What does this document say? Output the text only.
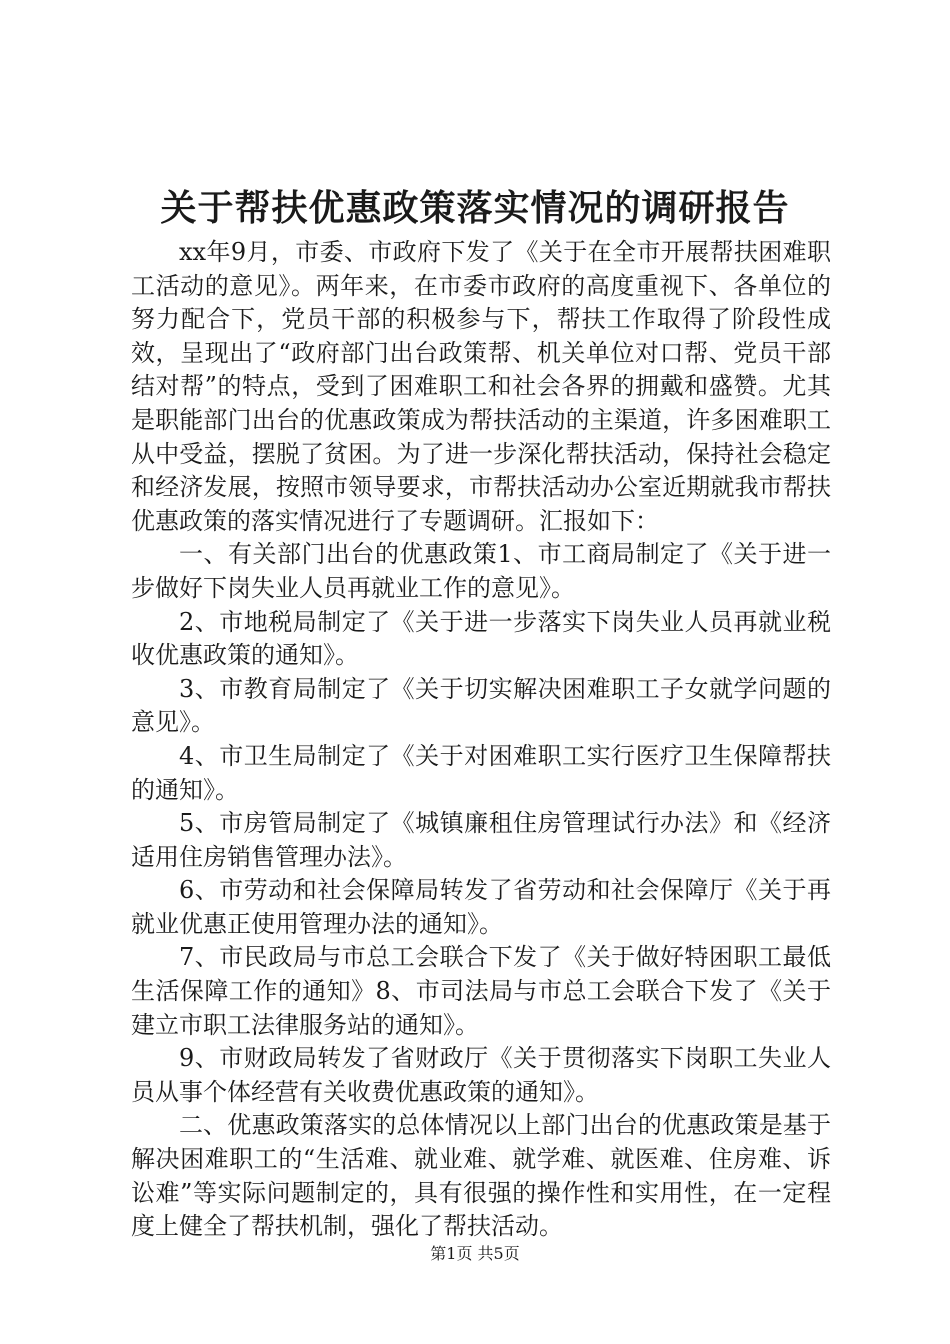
关于帮扶优惠政策落实情况的调研报告

xx年9月，市委、市政府下发了《关于在全市开展帮扶困难职工活动的意见》。两年来，在市委市政府的高度重视下、各单位的努力配合下，党员干部的积极参与下，帮扶工作取得了阶段性成效，呈现出了“政府部门出台政策帮、机关单位对口帮、党员干部结对帮”的特点，受到了困难职工和社会各界的拥戴和盛赞。尤其是职能部门出台的优惠政策成为帮扶活动的主渠道，许多困难职工从中受益，摆脱了贫困。为了进一步深化帮扶活动，保持社会稳定和经济发展，按照市领导要求，市帮扶活动办公室近期就我市帮扶优惠政策的落实情况进行了专题调研。汇报如下：

一、有关部门出台的优惠政策1、市工商局制定了《关于进一步做好下岗失业人员再就业工作的意见》。

2、市地税局制定了《关于进一步落实下岗失业人员再就业税收优惠政策的通知》。

3、市教育局制定了《关于切实解决困难职工子女就学问题的意见》。

4、市卫生局制定了《关于对困难职工实行医疗卫生保障帮扶的通知》。

5、市房管局制定了《城镇廉租住房管理试行办法》和《经济适用住房销售管理办法》。

6、市劳动和社会保障局转发了省劳动和社会保障厅《关于再就业优惠正使用管理办法的通知》。

7、市民政局与市总工会联合下发了《关于做好特困职工最低生活保障工作的通知》8、市司法局与市总工会联合下发了《关于建立市职工法律服务站的通知》。

9、市财政局转发了省财政厅《关于贯彻落实下岗职工失业人员从事个体经营有关收费优惠政策的通知》。

二、优惠政策落实的总体情况以上部门出台的优惠政策是基于解决困难职工的“生活难、就业难、就学难、就医难、住房难、诉讼难”等实际问题制定的，具有很强的操作性和实用性，在一定程度上健全了帮扶机制，强化了帮扶活动。

第1页 共5页
